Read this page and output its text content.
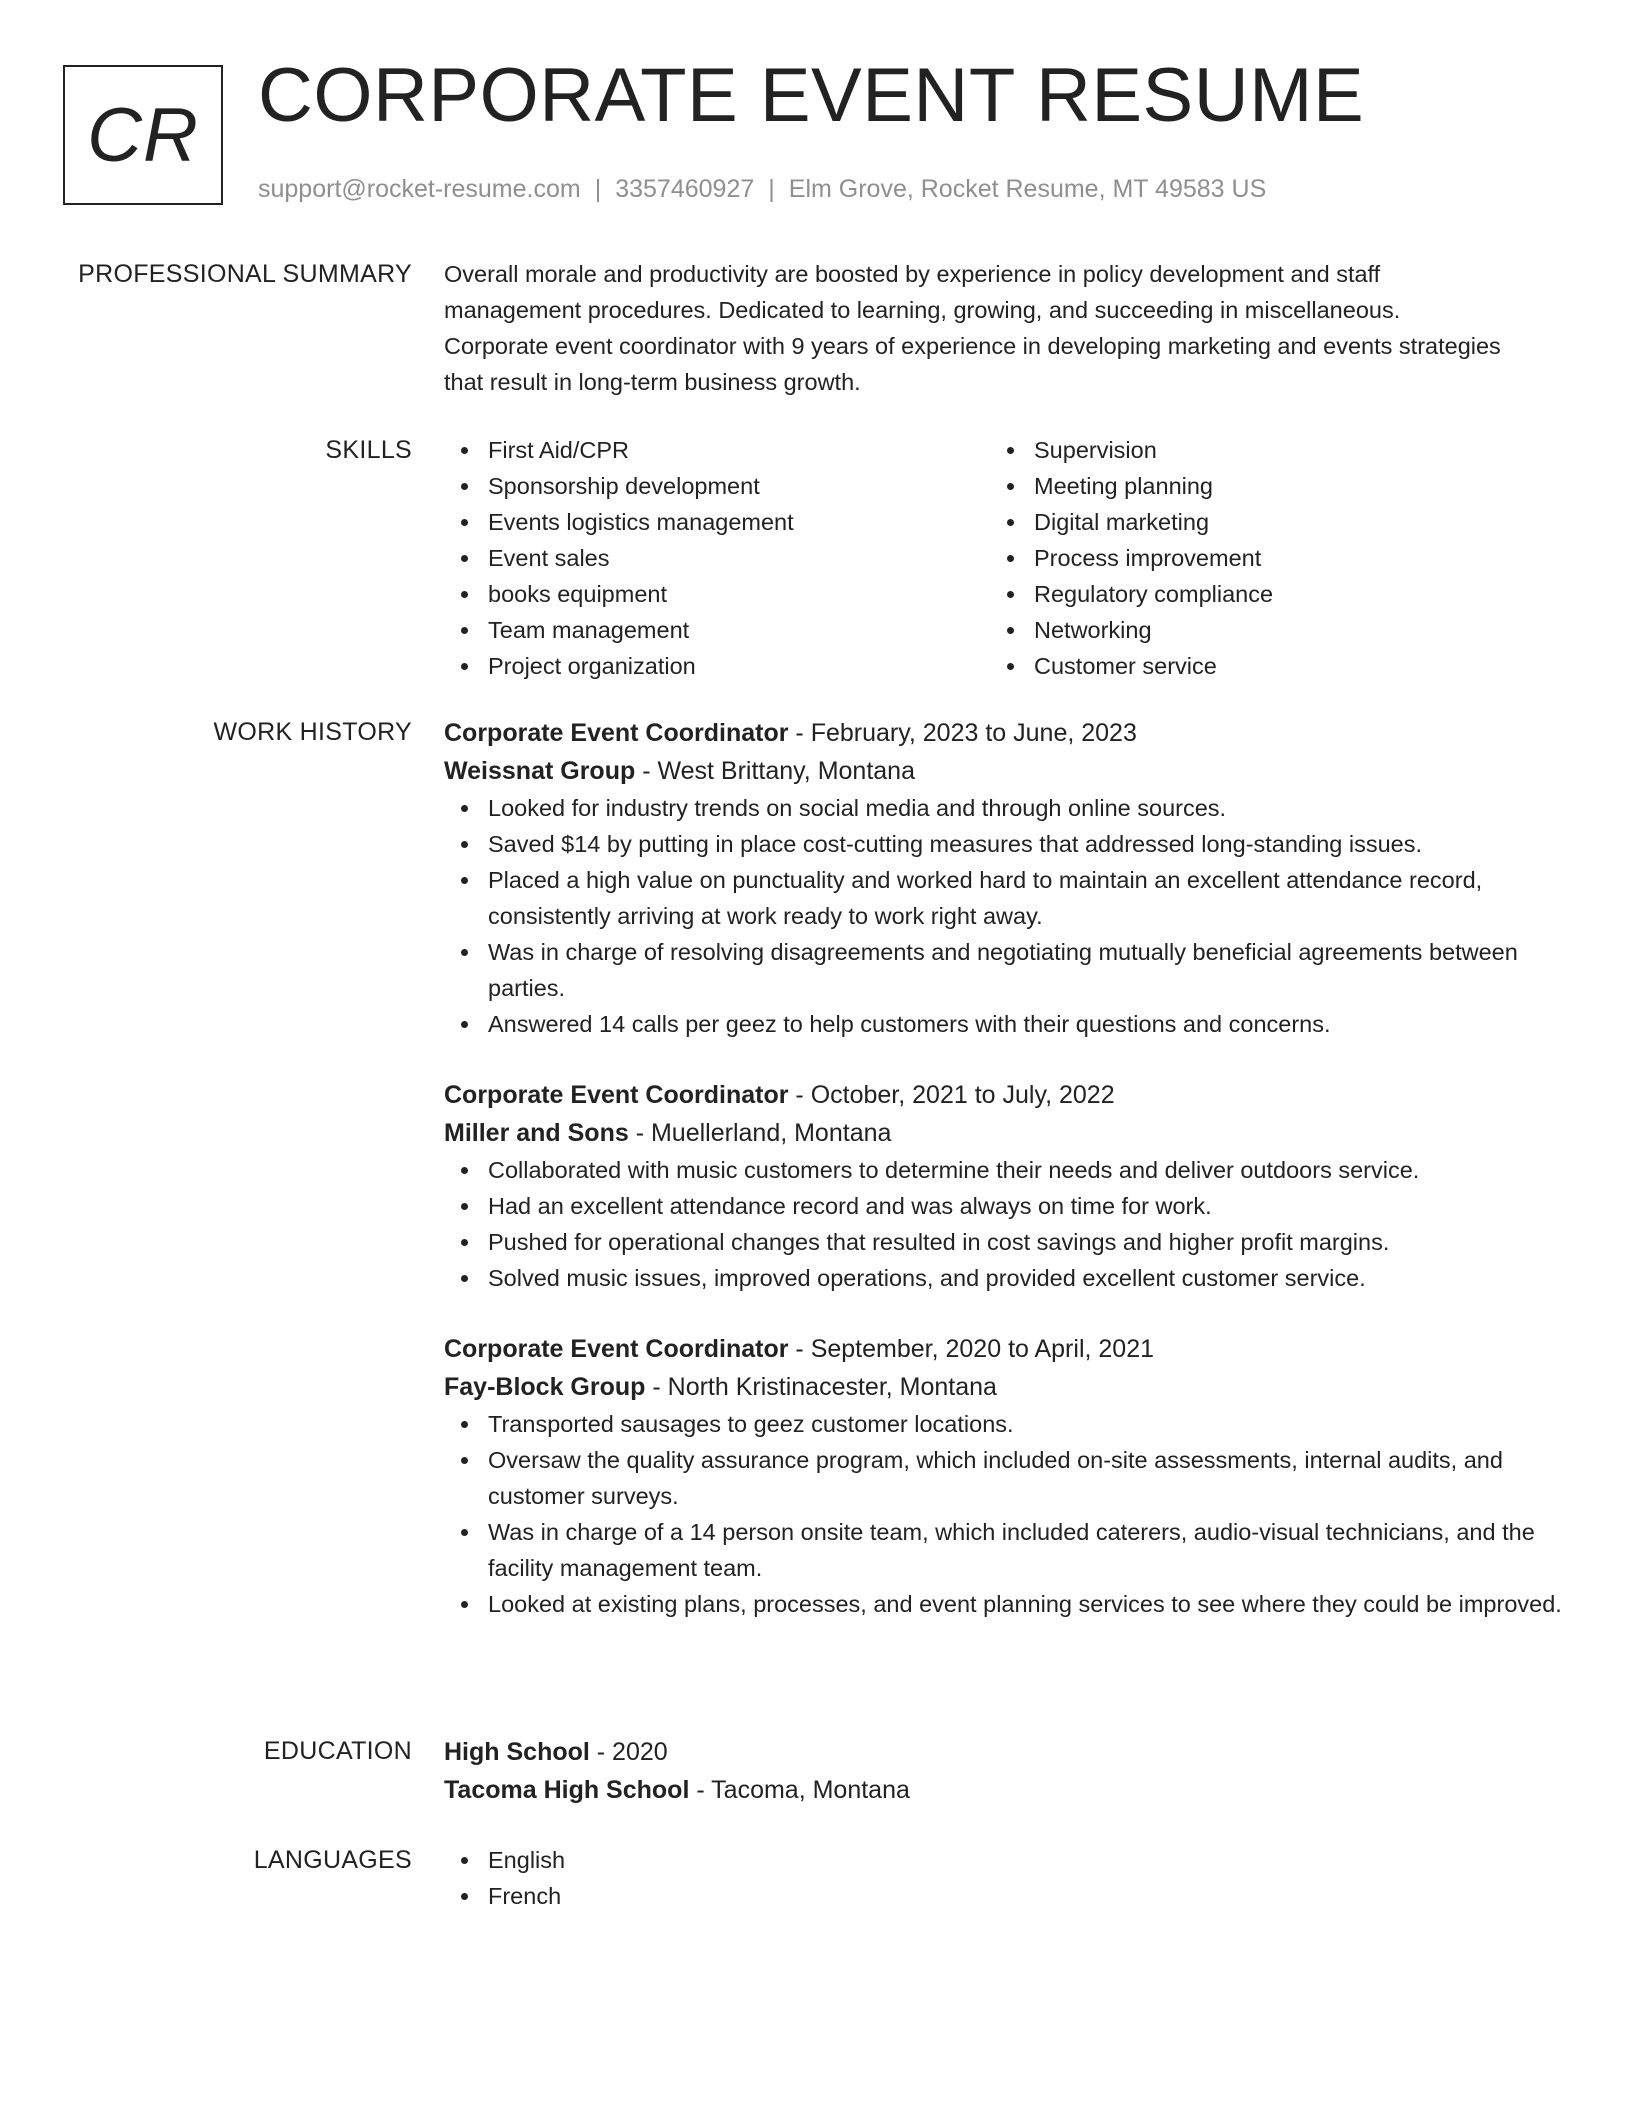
CR CORPORATE EVENT RESUME
support@rocket-resume.com | 3357460927 | Elm Grove, Rocket Resume, MT 49583 US
PROFESSIONAL SUMMARY Overall morale and productivity are boosted by experience in policy development and staff
management procedures. Dedicated to learning, growing, and succeeding in miscellaneous.
Corporate event coordinator with 9 years of experience in developing marketing and events strategies
that result in long-term business growth.
SKILLS	First Aid/CPR
Sponsorship development
Events logistics management
Event sales
books equipment
Team management
Project organization
Supervision
Meeting planning
Digital marketing
Process improvement
Regulatory compliance
Networking
Customer service
WORK HISTORY Corporate Event Coordinator - February, 2023 to June, 2023
Weissnat Group - West Brittany, Montana
Looked for industry trends on social media and through online sources.
Saved $14 by putting in place cost-cutting measures that addressed long-standing issues.
Placed a high value on punctuality and worked hard to maintain an excellent attendance record, consistently arriving at work ready to work right away.
Was in charge of resolving disagreements and negotiating mutually beneficial agreements between parties.
Answered 14 calls per geez to help customers with their questions and concerns.
Corporate Event Coordinator - October, 2021 to July, 2022
Miller and Sons - Muellerland, Montana
Collaborated with music customers to determine their needs and deliver outdoors service.
Had an excellent attendance record and was always on time for work.
Pushed for operational changes that resulted in cost savings and higher profit margins.
Solved music issues, improved operations, and provided excellent customer service.
Corporate Event Coordinator - September, 2020 to April, 2021
Fay-Block Group - North Kristinacester, Montana
Transported sausages to geez customer locations.
Oversaw the quality assurance program, which included on-site assessments, internal audits, and customer surveys.
Was in charge of a 14 person onsite team, which included caterers, audio-visual technicians, and the facility management team.
Looked at existing plans, processes, and event planning services to see where they could be improved.
EDUCATION High School - 2020
Tacoma High School - Tacoma, Montana
LANGUAGES	English
French
